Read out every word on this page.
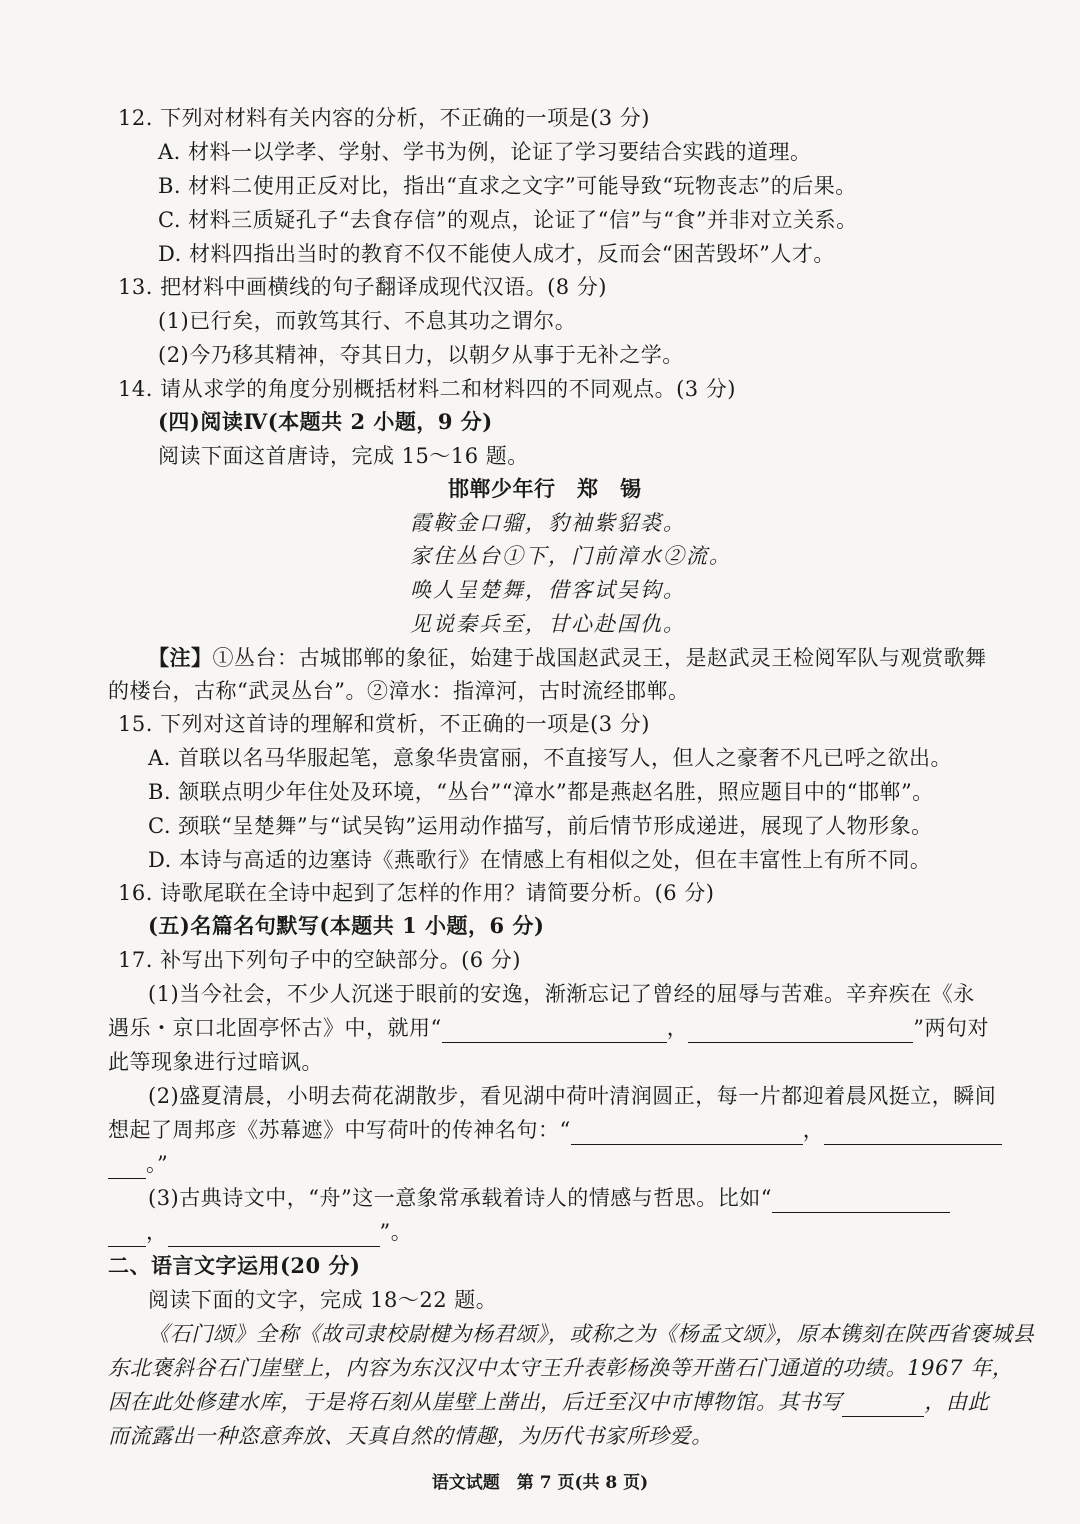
12. 下列对材料有关内容的分析，不正确的一项是(3 分)
A. 材料一以学孝、学射、学书为例，论证了学习要结合实践的道理。
B. 材料二使用正反对比，指出“直求之文字”可能导致“玩物丧志”的后果。
C. 材料三质疑孔子“去食存信”的观点，论证了“信”与“食”并非对立关系。
D. 材料四指出当时的教育不仅不能使人成才，反而会“困苦毁坏”人才。
13. 把材料中画横线的句子翻译成现代汉语。(8 分)
(1)已行矣，而敦笃其行、不息其功之谓尔。
(2)今乃移其精神，夺其日力，以朝夕从事于无补之学。
14. 请从求学的角度分别概括材料二和材料四的不同观点。(3 分)
(四)阅读Ⅳ(本题共 2 小题，9 分)
阅读下面这首唐诗，完成 15～16 题。
邯郸少年行　郑　锡
霞鞍金口骝，豹袖紫貂裘。
家住丛台①下，门前漳水②流。
唤人呈楚舞，借客试吴钩。
见说秦兵至，甘心赴国仇。
【注】①丛台：古城邯郸的象征，始建于战国赵武灵王，是赵武灵王检阅军队与观赏歌舞
的楼台，古称“武灵丛台”。②漳水：指漳河，古时流经邯郸。
15. 下列对这首诗的理解和赏析，不正确的一项是(3 分)
A. 首联以名马华服起笔，意象华贵富丽，不直接写人，但人之豪奢不凡已呼之欲出。
B. 颔联点明少年住处及环境，“丛台”“漳水”都是燕赵名胜，照应题目中的“邯郸”。
C. 颈联“呈楚舞”与“试吴钩”运用动作描写，前后情节形成递进，展现了人物形象。
D. 本诗与高适的边塞诗《燕歌行》在情感上有相似之处，但在丰富性上有所不同。
16. 诗歌尾联在全诗中起到了怎样的作用？请简要分析。(6 分)
(五)名篇名句默写(本题共 1 小题，6 分)
17. 补写出下列句子中的空缺部分。(6 分)
(1)当今社会，不少人沉迷于眼前的安逸，渐渐忘记了曾经的屈辱与苦难。辛弃疾在《永
遇乐・京口北固亭怀古》中，就用“	，	”两句对
此等现象进行过暗讽。
(2)盛夏清晨，小明去荷花湖散步，看见湖中荷叶清润圆正，每一片都迎着晨风挺立，瞬间
想起了周邦彦《苏幕遮》中写荷叶的传神名句：“	，
。”
(3)古典诗文中，“舟”这一意象常承载着诗人的情感与哲思。比如“
，	”。
二、语言文字运用(20 分)
阅读下面的文字，完成 18～22 题。
《石门颂》全称《故司隶校尉楗为杨君颂》，或称之为《杨孟文颂》，原本镌刻在陕西省褒城县
东北褒斜谷石门崖壁上，内容为东汉汉中太守王升表彰杨涣等开凿石门通道的功绩。1967 年，
因在此处修建水库，于是将石刻从崖壁上凿出，后迁至汉中市博物馆。其书写	，由此
而流露出一种恣意奔放、天真自然的情趣，为历代书家所珍爱。
语文试题　第 7 页(共 8 页)
